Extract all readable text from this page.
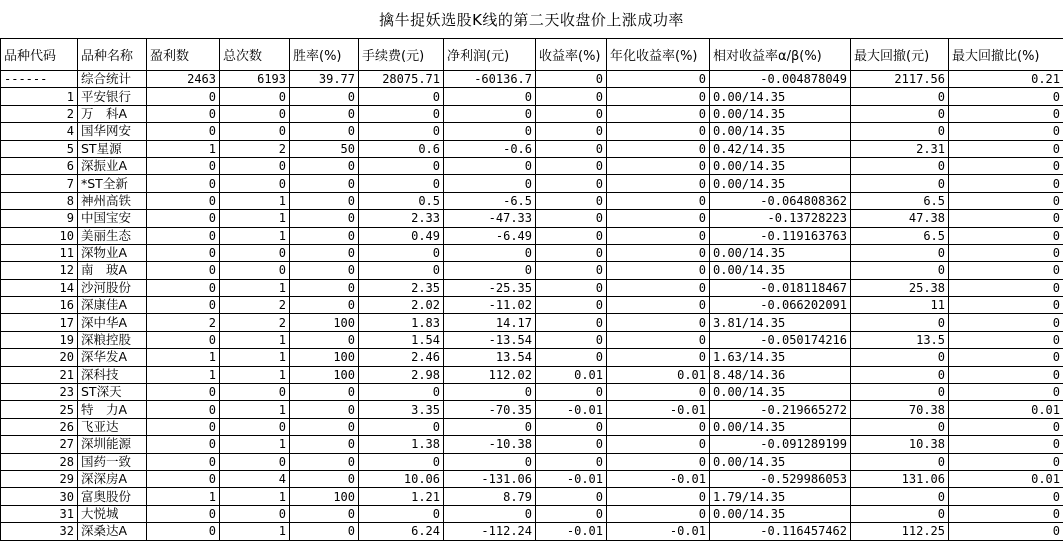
擒牛捉妖选股K线的第二天收盘价上涨成功率
品种代码	品种名称	盈利数	总次数	胜率(%)	手续费(元)	净利润(元)	收益率(%)	年化收益率(%)	相对收益率α/β(%)	最大回撤(元)	最大回撤比(%)
------	综合统计	2463	6193	39.77	28075.71	-60136.7	0	0	-0.004878049	2117.56	0.21
1	平安银行	0	0	0	0	0	0	0	0.00/14.35	0	0
2	万　科A	0	0	0	0	0	0	0	0.00/14.35	0	0
4	国华网安	0	0	0	0	0	0	0	0.00/14.35	0	0
5	ST星源	1	2	50	0.6	-0.6	0	0	0.42/14.35	2.31	0
6	深振业A	0	0	0	0	0	0	0	0.00/14.35	0	0
7	*ST全新	0	0	0	0	0	0	0	0.00/14.35	0	0
8	神州高铁	0	1	0	0.5	-6.5	0	0	-0.064808362	6.5	0
9	中国宝安	0	1	0	2.33	-47.33	0	0	-0.13728223	47.38	0
10	美丽生态	0	1	0	0.49	-6.49	0	0	-0.119163763	6.5	0
11	深物业A	0	0	0	0	0	0	0	0.00/14.35	0	0
12	南　玻A	0	0	0	0	0	0	0	0.00/14.35	0	0
14	沙河股份	0	1	0	2.35	-25.35	0	0	-0.018118467	25.38	0
16	深康佳A	0	2	0	2.02	-11.02	0	0	-0.066202091	11	0
17	深中华A	2	2	100	1.83	14.17	0	0	3.81/14.35	0	0
19	深粮控股	0	1	0	1.54	-13.54	0	0	-0.050174216	13.5	0
20	深华发A	1	1	100	2.46	13.54	0	0	1.63/14.35	0	0
21	深科技	1	1	100	2.98	112.02	0.01	0.01	8.48/14.36	0	0
23	ST深天	0	0	0	0	0	0	0	0.00/14.35	0	0
25	特　力A	0	1	0	3.35	-70.35	-0.01	-0.01	-0.219665272	70.38	0.01
26	飞亚达	0	0	0	0	0	0	0	0.00/14.35	0	0
27	深圳能源	0	1	0	1.38	-10.38	0	0	-0.091289199	10.38	0
28	国药一致	0	0	0	0	0	0	0	0.00/14.35	0	0
29	深深房A	0	4	0	10.06	-131.06	-0.01	-0.01	-0.529986053	131.06	0.01
30	富奥股份	1	1	100	1.21	8.79	0	0	1.79/14.35	0	0
31	大悦城	0	0	0	0	0	0	0	0.00/14.35	0	0
32	深桑达A	0	1	0	6.24	-112.24	-0.01	-0.01	-0.116457462	112.25	0
